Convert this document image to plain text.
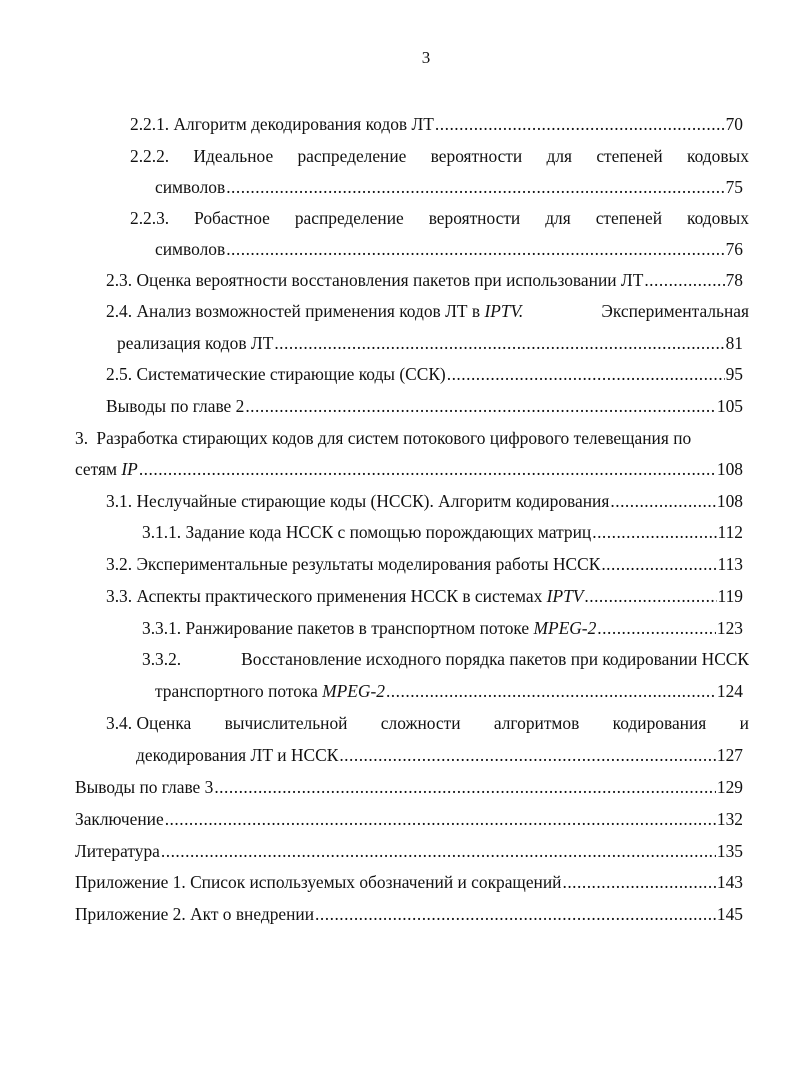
3
2.2.1. Алгоритм декодирования кодов ЛТ .....	70
2.2.2. Идеальное распределение вероятности для степеней кодовых
символов .....	75
2.2.3. Робастное распределение вероятности для степеней кодовых
символов .....	76
2.3. Оценка вероятности восстановления пакетов при использовании ЛТ .....	78
2.4. Анализ возможностей применения кодов ЛТ в IPTV.	Экспериментальная
реализация кодов ЛТ .....	81
2.5. Систематические стирающие коды (ССК) .....	95
Выводы по главе 2 .....	105
3. Разработка стирающих кодов для систем потокового цифрового телевещания по
сетям IP .....	108
3.1. Неслучайные стирающие коды (НССК). Алгоритм кодирования .....	108
3.1.1. Задание кода НССК с помощью порождающих матриц .....	112
3.2. Экспериментальные результаты моделирования работы НССК .....	113
3.3. Аспекты практического применения НССК в системах IPTV .....	119
3.3.1. Ранжирование пакетов в транспортном потоке MPEG-2 .....	123
3.3.2.	Восстановление исходного порядка пакетов при кодировании НССК
транспортного потока MPEG-2 .....	124
3.4. Оценка вычислительной сложности алгоритмов кодирования и
декодирования ЛТ и НССК .....	127
Выводы по главе 3 .....	129
Заключение .....	132
Литература .....	135
Приложение 1. Список используемых обозначений и сокращений .....	143
Приложение 2. Акт о внедрении .....	145
